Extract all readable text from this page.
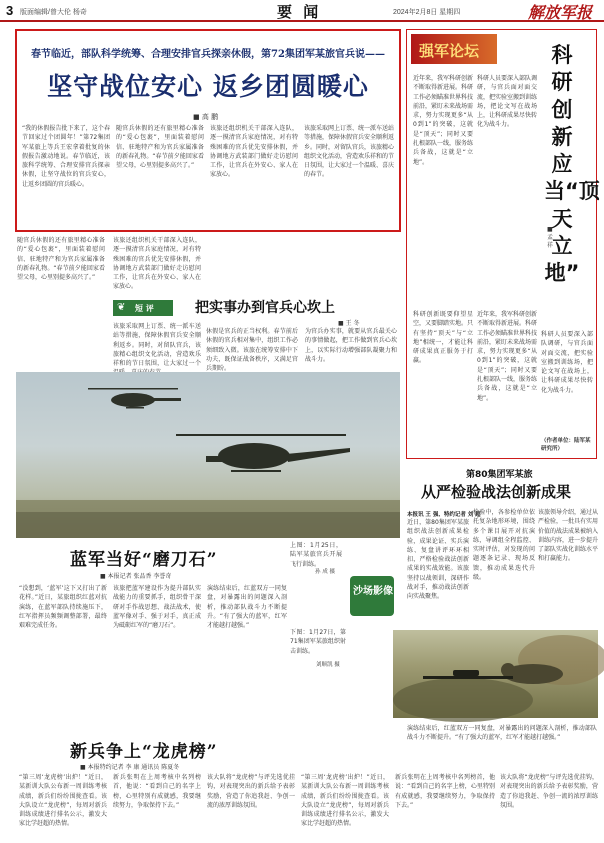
3 版面编辑/曾大伦 杨奇	要 闻	2024年2月8日 星期四	解放军报
春节临近，部队科学统筹、合理安排官兵探亲休假，第72集团军某旅官兵说——
坚守战位安心 返乡团圆暖心
■ 高 鹏
“我的休假报告批下来了，这个春节回家过个团圆年！”第72集团军某旅上等兵王宏拿着批复的休假报告激动地说。春节临近，该旅科学统筹、合理安排官兵探亲休假，让坚守战位的官兵安心，让返乡团圆的官兵暖心。
随官兵休假的还有旅里精心准备的“爱心包裹”，里面装着慰问信、驻地特产和为官兵家属准备的新春礼物。“春节前夕能回家看望父母，心里别提多高兴了。”
该旅还组织机关干部深入连队，逐一摸清官兵家庭情况，对有特殊困难的官兵优先安排休假，并协调地方武装部门做好走访慰问工作，让官兵在外安心、家人在家放心。
该旅采取网上订票、统一派车送站等措施，保障休假官兵安全顺利返乡。同时，对留队官兵，该旅精心组织文化活动，营造欢乐祥和的节日氛围，让大家过一个温暖、喜庆的春节。
随官兵休假的还有旅里精心准备的“爱心包裹”，里面装着慰问信、驻地特产和为官兵家属准备的新春礼物。“春节前夕能回家看望父母，心里别提多高兴了。”
该旅还组织机关干部深入连队，逐一摸清官兵家庭情况，对有特殊困难的官兵优先安排休假，并协调地方武装部门做好走访慰问工作，让官兵在外安心、家人在家放心。
❦ 短 评	把实事办到官兵心坎上
■ 王 冬
休假是官兵的正当权利。春节前后休假的官兵相对集中，组织工作必须细致入微。该旅在统筹安排中下功夫，既保证战备秩序，又满足官兵期盼。
为官兵办实事，就要从官兵最关心的事情做起，把工作做到官兵心坎上，以实际行动增强部队凝聚力和战斗力。
该旅采取网上订票、统一派车送站等措施，保障休假官兵安全顺利返乡。同时，对留队官兵，该旅精心组织文化活动，营造欢乐祥和的节日氛围，让大家过一个
强军论坛	科研创新应当“顶天立地”
■ 孟 祥
近年来，我军科研创新不断取得新进展。科研工作必须瞄准世界科技前沿，紧盯未来战场需求，努力实现更多“从0到1”的突破，这就是“顶天”；同时又要扎根部队一线，服务练兵备战，这就是“立地”。
科研人员要深入部队调研，与官兵面对面交流，把实验室搬到训练场，把论文写在战场上，让科研成果尽快转化为战斗力。
科研创新既要仰望星空，又要脚踏实地。只有坚持“顶天”与“立地”相统一，才能让科研成果真正服务于打赢。
近年来，我军科研创新不断取得新进展。科研工作必须瞄准世界科技前沿，紧盯未来战场需求，努力实现更多“从0到1”的突破，这就是“顶天”；同时又要扎根部队一线，服务练兵备战，这就是“立地”。
科研人员要深入部队调研，与官兵面对面交流，把实验室搬到训练场，把论文写在战场上，让科研成果尽快转化为战斗力。
（作者单位：陆军某研究所）
第80集团军某旅
从严检验战法创新成果
本报讯 王 强、特约记者 刘 超
近日，第80集团军某旅组织战法创新成果检验，成果论证、实兵演练、复盘讲评环环相扣，严格检验战法创新成果的实战效能。该旅坚持以战领训，深研作战对手，推动战法创新向实战聚焦。
检验中，各参检单位依托复杂地形环境，围绕多个课目展开对抗演练，导调组全程监控、实时评估，对发现的问题逐条记录、现场反馈，推动成果迭代升级。
该旅领导介绍，通过从严检验，一批具有实用价值的战法成果被纳入训练内容，进一步提升了部队实战化训练水平和打赢能力。
蓝军当好“磨刀石”
■ 本报记者 张品香 李誉奇
“没想到，‘蓝军’这下又打出了新花样。”近日，某旅组织红蓝对抗演练，在蓝军部队持续施压下，红军指挥员频频调整部署，最终艰难完成任务。
该旅把蓝军建设作为提升部队实战能力的重要抓手，组织骨干深研对手作战思想、战法战术，使蓝军像对手、强于对手，真正成为砥砺红军的“磨刀石”。
演练结束后，红蓝双方一同复盘，对暴露出的问题深入剖析，推动部队战斗力不断提升。“有了强大的蓝军，红军才能越打越强。”
上图：1月25日，陆军某旅官兵开展飞行训练。
孙 成 摄
沙场影像
下图：1月27日，第71集团军某旅组织射击训练。
刘顺凯 摄
新兵争上“龙虎榜”
■ 本报特约记者 李 康 通讯员 陈夏冬
“第三周‘龙虎榜’出炉！”近日，某新训大队公布新一周训练考核成绩，新兵们纷纷围拢查看。该大队设立“龙虎榜”，每周对新兵训练成绩进行排名公示，激发大家比学赶超的热情。
新兵张明在上周考核中名列榜首，他说：“看到自己的名字上榜，心里特别有成就感，我要继续努力，争取保持下去。”
该大队将“龙虎榜”与评先选优挂钩，对表现突出的新兵给予表彰奖励，营造了你追我赶、争创一流的浓厚训练氛围。
“第三周‘龙虎榜’出炉！”近日，某新训大队公布新一周训练考核成绩，新兵们纷纷围拢查看。该大队设立“龙虎榜”，每周对新兵训练成绩进行排名公示，激发大家比学赶超的热情。
新兵张明在上周考核中名列榜首，他说：“看到自己的名字上榜，心里特别有成就感，我要继续努力，争取保持下去。”
该大队将“龙虎榜”与评先选优挂钩，对表现突出的新兵给予表彰奖励，营造了你追我赶、争创一流的浓厚训练氛围。
演练结束后，红蓝双方一同复盘，对暴露出的问题深入剖析，推动部队战斗力不断提升。“有了强大的蓝军，红军才能越打越强。”
